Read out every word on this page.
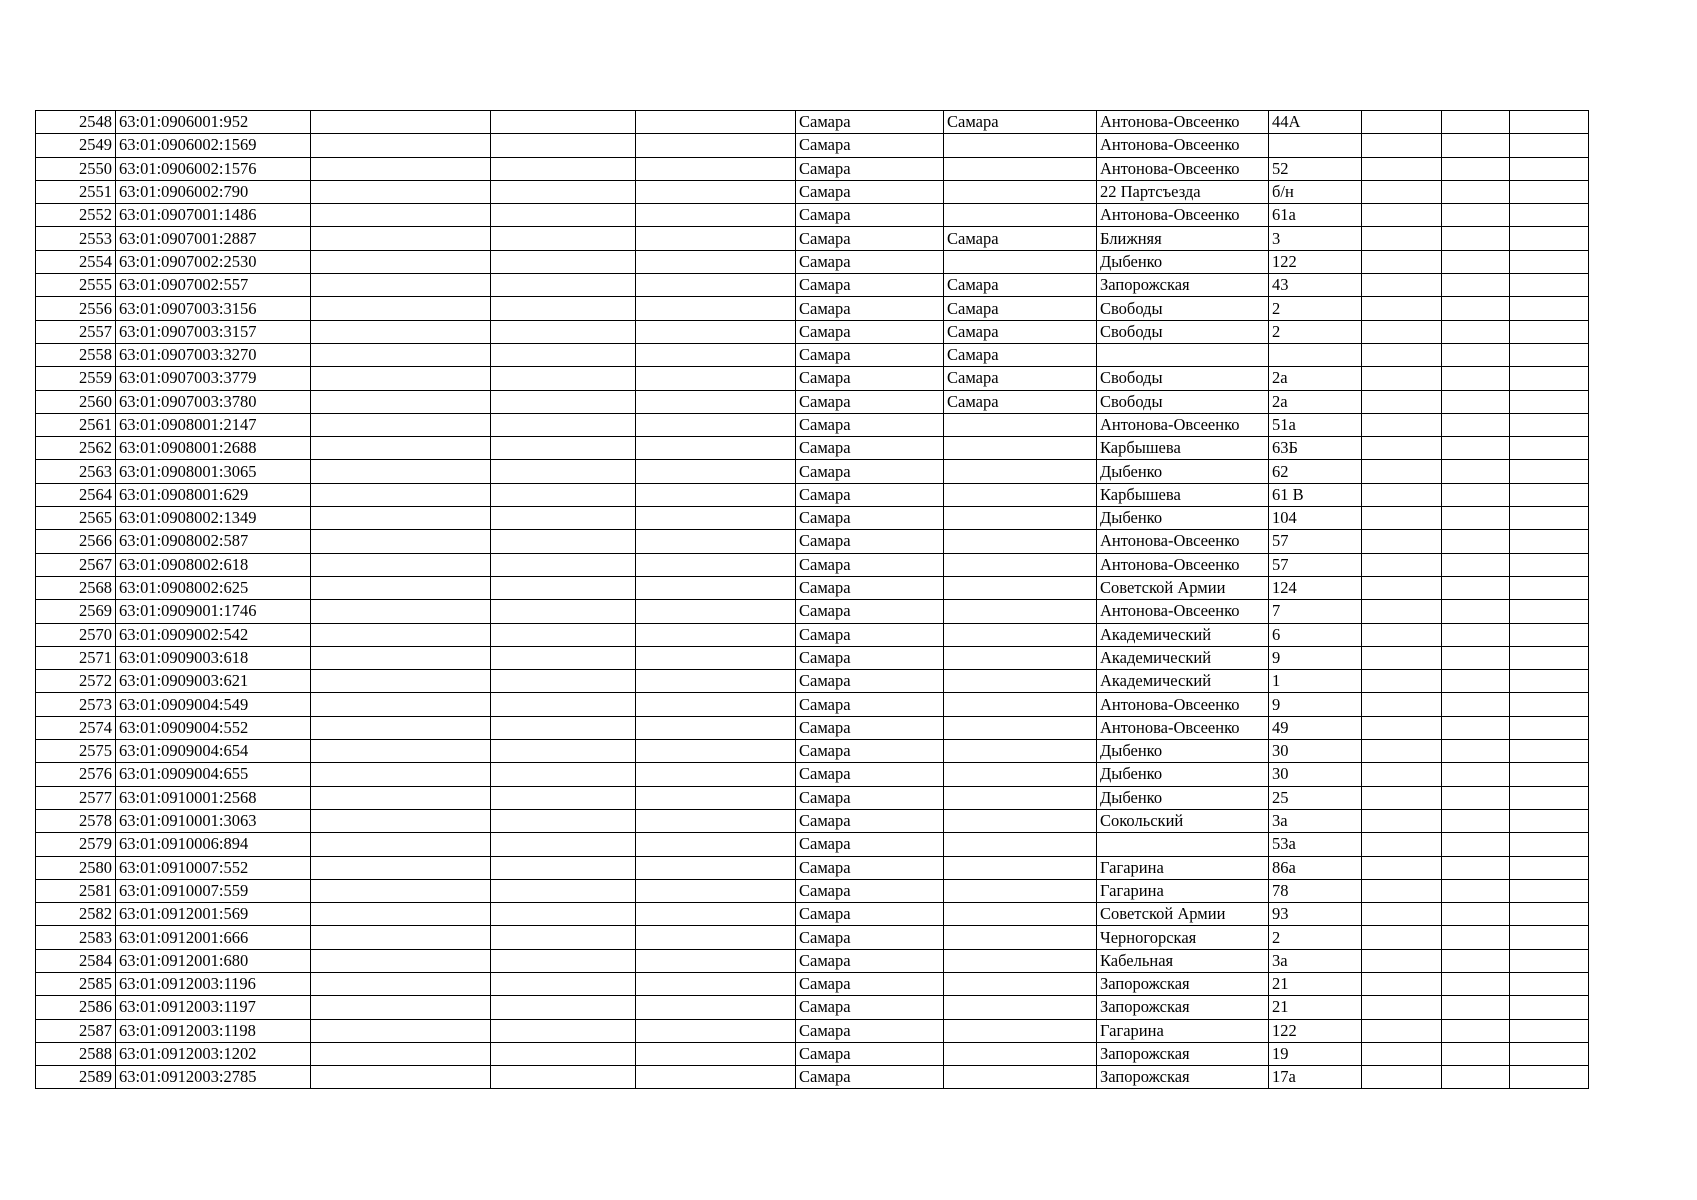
2548	63:01:0906001:952				Самара	Самара	Антонова-Овсеенко	44А			
2549	63:01:0906002:1569				Самара		Антонова-Овсеенко				
2550	63:01:0906002:1576				Самара		Антонова-Овсеенко	52			
2551	63:01:0906002:790				Самара		22 Партсъезда	б/н			
2552	63:01:0907001:1486				Самара		Антонова-Овсеенко	61а			
2553	63:01:0907001:2887				Самара	Самара	Ближняя	3			
2554	63:01:0907002:2530				Самара		Дыбенко	122			
2555	63:01:0907002:557				Самара	Самара	Запорожская	43			
2556	63:01:0907003:3156				Самара	Самара	Свободы	2			
2557	63:01:0907003:3157				Самара	Самара	Свободы	2			
2558	63:01:0907003:3270				Самара	Самара					
2559	63:01:0907003:3779				Самара	Самара	Свободы	2а			
2560	63:01:0907003:3780				Самара	Самара	Свободы	2а			
2561	63:01:0908001:2147				Самара		Антонова-Овсеенко	51а			
2562	63:01:0908001:2688				Самара		Карбышева	63Б			
2563	63:01:0908001:3065				Самара		Дыбенко	62			
2564	63:01:0908001:629				Самара		Карбышева	61 В			
2565	63:01:0908002:1349				Самара		Дыбенко	104			
2566	63:01:0908002:587				Самара		Антонова-Овсеенко	57			
2567	63:01:0908002:618				Самара		Антонова-Овсеенко	57			
2568	63:01:0908002:625				Самара		Советской Армии	124			
2569	63:01:0909001:1746				Самара		Антонова-Овсеенко	7			
2570	63:01:0909002:542				Самара		Академический	6			
2571	63:01:0909003:618				Самара		Академический	9			
2572	63:01:0909003:621				Самара		Академический	1			
2573	63:01:0909004:549				Самара		Антонова-Овсеенко	9			
2574	63:01:0909004:552				Самара		Антонова-Овсеенко	49			
2575	63:01:0909004:654				Самара		Дыбенко	30			
2576	63:01:0909004:655				Самара		Дыбенко	30			
2577	63:01:0910001:2568				Самара		Дыбенко	25			
2578	63:01:0910001:3063				Самара		Сокольский	3а			
2579	63:01:0910006:894				Самара			53а			
2580	63:01:0910007:552				Самара		Гагарина	86а			
2581	63:01:0910007:559				Самара		Гагарина	78			
2582	63:01:0912001:569				Самара		Советской Армии	93			
2583	63:01:0912001:666				Самара		Черногорская	2			
2584	63:01:0912001:680				Самара		Кабельная	3а			
2585	63:01:0912003:1196				Самара		Запорожская	21			
2586	63:01:0912003:1197				Самара		Запорожская	21			
2587	63:01:0912003:1198				Самара		Гагарина	122			
2588	63:01:0912003:1202				Самара		Запорожская	19			
2589	63:01:0912003:2785				Самара		Запорожская	17а			
